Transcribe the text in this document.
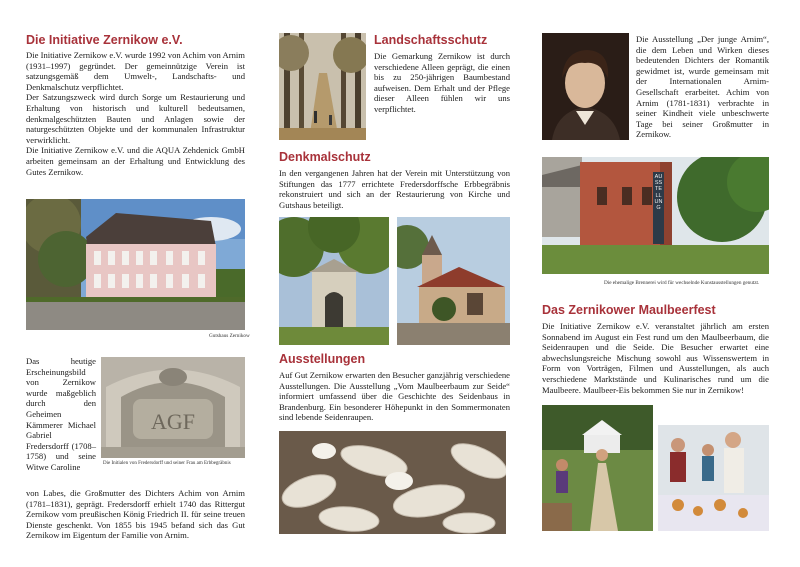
Die Initiative Zernikow e.V.

Die Initiative Zernikow e.V. wurde 1992 von Achim von Arnim (1931–1997) gegründet. Der gemeinnützige Verein ist satzungsgemäß dem Umwelt-, Landschafts- und Denkmalschutz verpflichtet.

Der Satzungszweck wird durch Sorge um Restaurierung und Erhaltung von historisch und kulturell bedeutsamen, denkmalgeschützten Bauten und Anlagen sowie der naturgeschützten Objekte und der kommunalen Infrastruktur verwirklicht.

Die Initiative Zernikow e.V. und die AQUA Zehdenick GmbH arbeiten gemeinsam an der Erhaltung und Entwicklung des Gutes Zernikow.

Gutshaus Zernikow
Das heutige Erscheinungsbild von Zernikow wurde maßgeblich durch den Geheimen Kämmerer Michael Gabriel Fredersdorff (1708–1758) und seine Witwe Caroline
AGF
Die Initialen von Fredersdorff und seiner Frau am Erbbegräbnis
von Labes, die Großmutter des Dichters Achim von Arnim (1781–1831), geprägt. Fredersdorff erhielt 1740 das Rittergut Zernikow vom preußischen König Friedrich II. für seine treuen Dienste geschenkt. Von 1855 bis 1945 befand sich das Gut Zernikow im Eigentum der Familie von Arnim.
Landschaftsschutz
Die Gemarkung Zernikow ist durch verschiedene Alleen geprägt, die einen bis zu 250-jährigen Baumbestand aufweisen. Dem Erhalt und der Pflege dieser Alleen fühlen wir uns verpflichtet.
Denkmalschutz
In den vergangenen Jahren hat der Verein mit Unterstützung von Stiftungen das 1777 errichtete Fredersdorffsche Erbbegräbnis rekonstruiert und sich an der Restaurierung von Kirche und Gutshaus beteiligt.
Ausstellungen
Auf Gut Zernikow erwarten den Besucher ganzjährig verschiedene Ausstellungen. Die Ausstellung „Vom Maulbeerbaum zur Seide“ informiert umfassend über die Geschichte des Seidenbaus in Brandenburg. Ein besonderer Höhepunkt in den Sommermonaten sind lebende Seidenraupen.
Die Ausstellung „Der junge Arnim“, die dem Leben und Wirken dieses bedeutenden Dichters der Romantik gewidmet ist, wurde gemeinsam mit der Internationalen Arnim-Gesellschaft erarbeitet. Achim von Arnim (1781-1831) verbrachte in seiner Kindheit viele unbeschwerte Tage bei seiner Großmutter in Zernikow.
AUSSTELLUNG
Die ehemalige Brennerei wird für wechselnde Kunstausstellungen genutzt.
Das Zernikower Maulbeerfest
Die Initiative Zernikow e.V. veranstaltet jährlich am ersten Sonnabend im August ein Fest rund um den Maulbeerbaum, die Seidenraupen und die Seide. Die Besucher erwartet eine abwechslungsreiche Mischung sowohl aus Wissenswertem in Form von Vorträgen, Filmen und Ausstellungen, als auch verschiedene Marktstände und Kulinarisches rund um die Maulbeere. Maulbeer-Eis bekommen Sie nur in Zernikow!
